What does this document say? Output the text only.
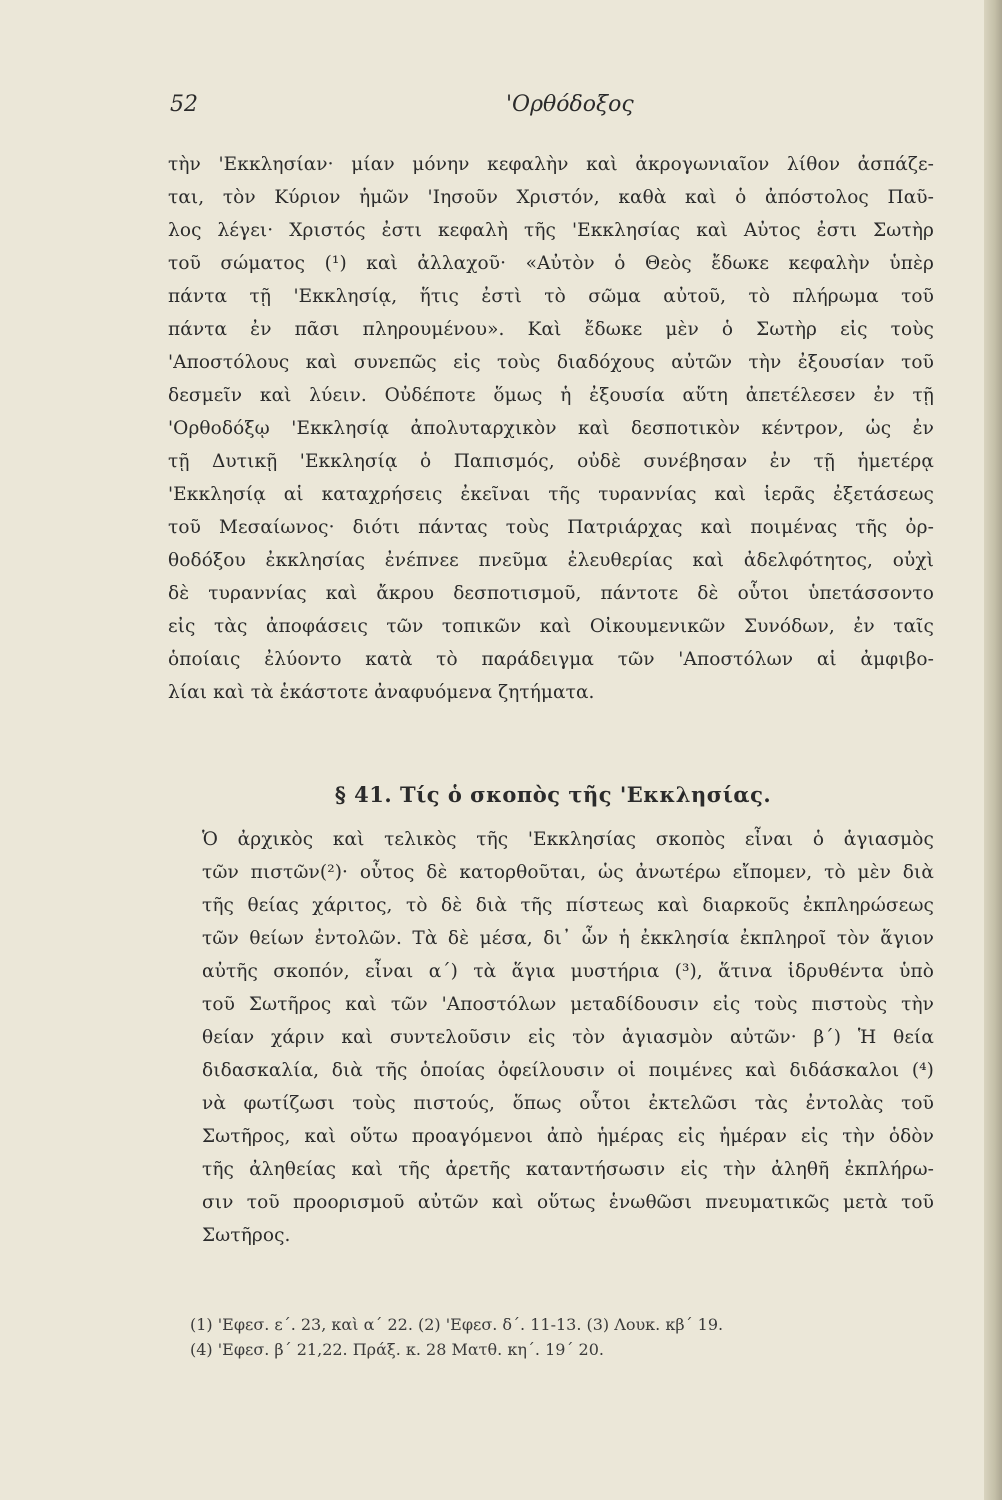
52	'Ορθόδοξος
τὴν 'Εκκλησίαν· μίαν μόνην κεφαλὴν καὶ ἀκρογωνιαῖον λίθον ἀσπάζε-
ται, τὸν Κύριον ἡμῶν 'Ιησοῦν Χριστόν, καθὰ καὶ ὁ ἀπόστολος Παῦ-
λος λέγει· Χριστός ἐστι κεφαλὴ τῆς 'Εκκλησίας καὶ Αὐτος ἐστι Σωτὴρ
τοῦ σώματος (¹) καὶ ἀλλαχοῦ· «Αὐτὸν ὁ Θεὸς ἔδωκε κεφαλὴν ὑπὲρ
πάντα τῇ 'Εκκλησίᾳ, ἥτις ἐστὶ τὸ σῶμα αὐτοῦ, τὸ πλήρωμα τοῦ
πάντα ἐν πᾶσι πληρουμένου». Καὶ ἔδωκε μὲν ὁ Σωτὴρ εἰς τοὺς
'Αποστόλους καὶ συνεπῶς εἰς τοὺς διαδόχους αὐτῶν τὴν ἐξουσίαν τοῦ
δεσμεῖν καὶ λύειν. Οὐδέποτε ὅμως ἡ ἐξουσία αὕτη ἀπετέλεσεν ἐν τῇ
'Ορθοδόξῳ 'Εκκλησίᾳ ἀπολυταρχικὸν καὶ δεσποτικὸν κέντρον, ὡς ἐν
τῇ Δυτικῇ 'Εκκλησίᾳ ὁ Παπισμός, οὐδὲ συνέβησαν ἐν τῇ ἡμετέρᾳ
'Εκκλησίᾳ αἱ καταχρήσεις ἐκεῖναι τῆς τυραννίας καὶ ἱερᾶς ἐξετάσεως
τοῦ Μεσαίωνος· διότι πάντας τοὺς Πατριάρχας καὶ ποιμένας τῆς ὀρ-
θοδόξου ἐκκλησίας ἐνέπνεε πνεῦμα ἐλευθερίας καὶ ἀδελφότητος, οὐχὶ
δὲ τυραννίας καὶ ἄκρου δεσποτισμοῦ, πάντοτε δὲ οὗτοι ὑπετάσσοντο
εἰς τὰς ἀποφάσεις τῶν τοπικῶν καὶ Οἰκουμενικῶν Συνόδων, ἐν ταῖς
ὁποίαις ἐλύοντο κατὰ τὸ παράδειγμα τῶν 'Αποστόλων αἱ ἀμφιβο-
λίαι καὶ τὰ ἑκάστοτε ἀναφυόμενα ζητήματα.
§ 41. Τίς ὁ σκοπὸς τῆς 'Εκκλησίας.
Ὁ ἀρχικὸς καὶ τελικὸς τῆς 'Εκκλησίας σκοπὸς εἶναι ὁ ἁγιασμὸς
τῶν πιστῶν(²)· οὗτος δὲ κατορθοῦται, ὡς ἀνωτέρω εἴπομεν, τὸ μὲν διὰ
τῆς θείας χάριτος, τὸ δὲ διὰ τῆς πίστεως καὶ διαρκοῦς ἐκπληρώσεως
τῶν θείων ἐντολῶν. Τὰ δὲ μέσα, δι᾽ ὧν ἡ ἐκκλησία ἐκπληροῖ τὸν ἅγιον
αὐτῆς σκοπόν, εἶναι α΄) τὰ ἅγια μυστήρια (³), ἅτινα ἱδρυθέντα ὑπὸ
τοῦ Σωτῆρος καὶ τῶν 'Αποστόλων μεταδίδουσιν εἰς τοὺς πιστοὺς τὴν
θείαν χάριν καὶ συντελοῦσιν εἰς τὸν ἁγιασμὸν αὐτῶν· β΄) Ἡ θεία
διδασκαλία, διὰ τῆς ὁποίας ὀφείλουσιν οἱ ποιμένες καὶ διδάσκαλοι (⁴)
νὰ φωτίζωσι τοὺς πιστούς, ὅπως οὗτοι ἐκτελῶσι τὰς ἐντολὰς τοῦ
Σωτῆρος, καὶ οὕτω προαγόμενοι ἀπὸ ἡμέρας εἰς ἡμέραν εἰς τὴν ὁδὸν
τῆς ἀληθείας καὶ τῆς ἀρετῆς καταντήσωσιν εἰς τὴν ἀληθῆ ἐκπλήρω-
σιν τοῦ προορισμοῦ αὐτῶν καὶ οὕτως ἑνωθῶσι πνευματικῶς μετὰ τοῦ
Σωτῆρος.
(1) 'Εφεσ. ε΄. 23, καὶ α΄ 22. (2) 'Εφεσ. δ΄. 11-13. (3) Λουκ. κβ΄ 19.
(4) 'Εφεσ. β΄ 21,22. Πράξ. κ. 28 Ματθ. κη΄. 19΄ 20.
